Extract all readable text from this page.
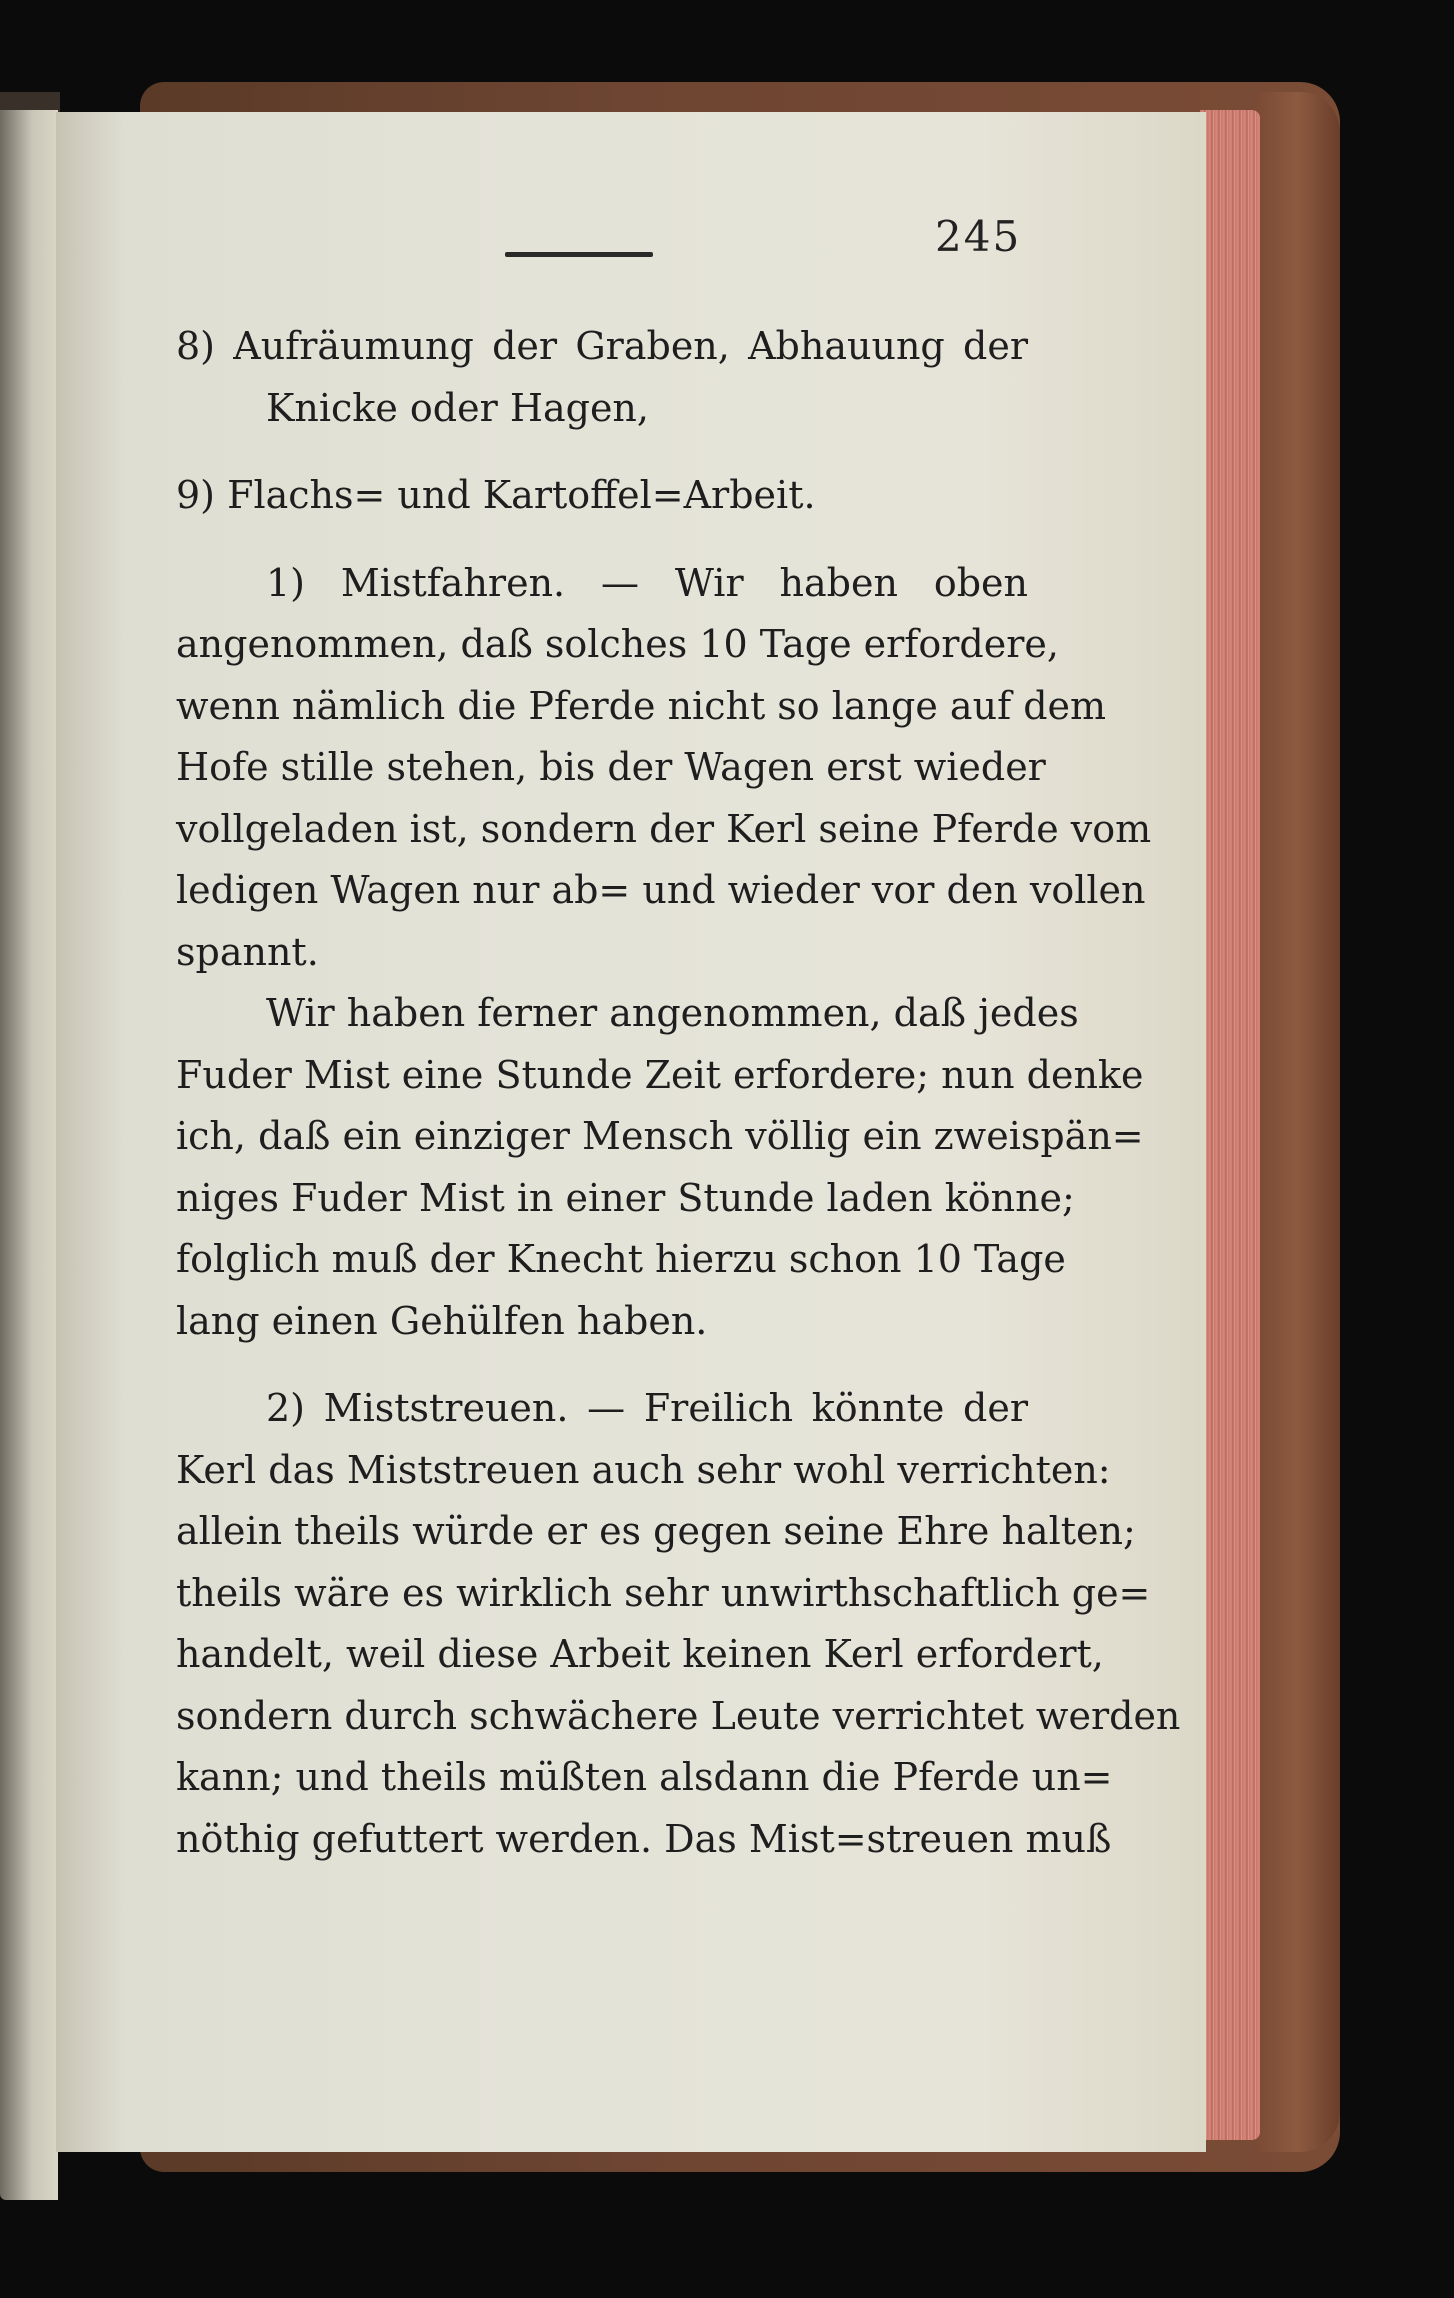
245
8) Aufräumung der Graben, Abhauung der
Knicke oder Hagen,
9) Flachs= und Kartoffel=Arbeit.
1) Mistfahren. — Wir haben oben
angenommen, daß solches 10 Tage erfordere,
wenn nämlich die Pferde nicht so lange auf dem
Hofe stille stehen, bis der Wagen erst wieder
vollgeladen ist, sondern der Kerl seine Pferde vom
ledigen Wagen nur ab= und wieder vor den vollen
spannt.
Wir haben ferner angenommen, daß jedes
Fuder Mist eine Stunde Zeit erfordere; nun denke
ich, daß ein einziger Mensch völlig ein zweispän=
niges Fuder Mist in einer Stunde laden könne;
folglich muß der Knecht hierzu schon 10 Tage
lang einen Gehülfen haben.
2) Miststreuen. — Freilich könnte der
Kerl das Miststreuen auch sehr wohl verrichten:
allein theils würde er es gegen seine Ehre halten;
theils wäre es wirklich sehr unwirthschaftlich ge=
handelt, weil diese Arbeit keinen Kerl erfordert,
sondern durch schwächere Leute verrichtet werden
kann; und theils müßten alsdann die Pferde un=
nöthig gefuttert werden. Das Mist=streuen muß
